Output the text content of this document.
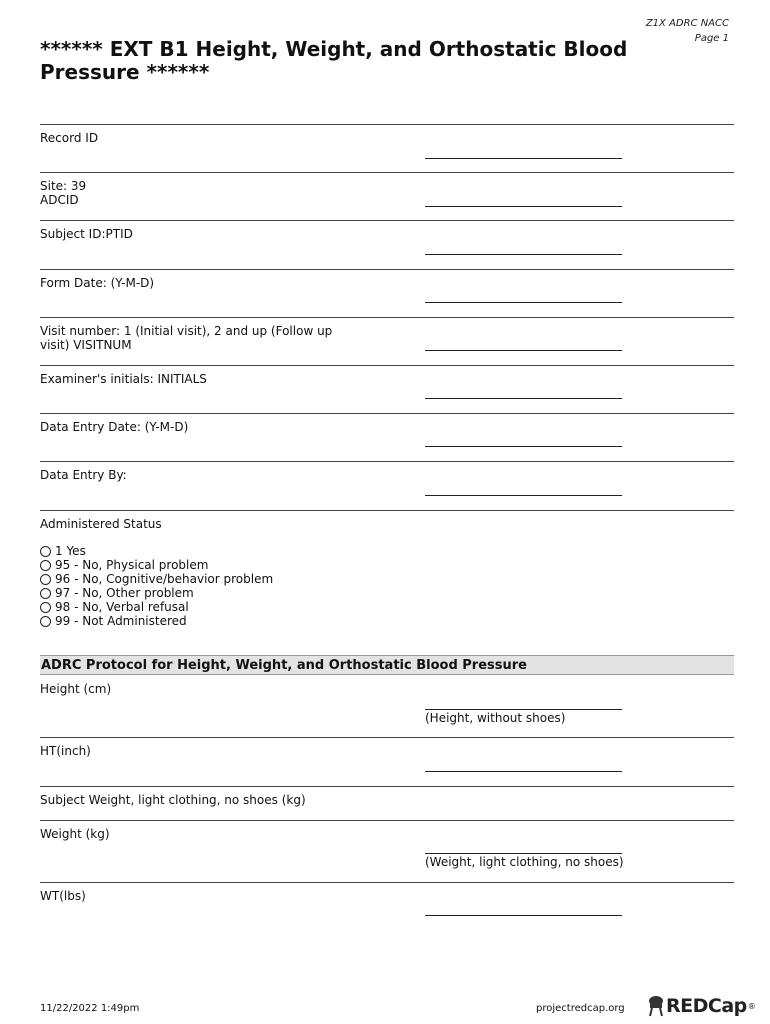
Z1X ADRC NACC
Page 1
****** EXT B1 Height, Weight, and Orthostatic Blood Pressure ******
Record ID
Site: 39
ADCID
Subject ID:PTID
Form Date: (Y-M-D)
Visit number: 1 (Initial visit), 2 and up (Follow up visit) VISITNUM
Examiner's initials: INITIALS
Data Entry Date: (Y-M-D)
Data Entry By:
Administered Status
1 Yes
95 - No, Physical problem
96 - No, Cognitive/behavior problem
97 - No, Other problem
98 - No, Verbal refusal
99 - Not Administered
ADRC Protocol for Height, Weight, and Orthostatic Blood Pressure
Height (cm)
(Height, without shoes)
HT(inch)
Subject Weight, light clothing, no shoes (kg)
Weight (kg)
(Weight, light clothing, no shoes)
WT(lbs)
11/22/2022 1:49pm	projectredcap.org REDCap ®
